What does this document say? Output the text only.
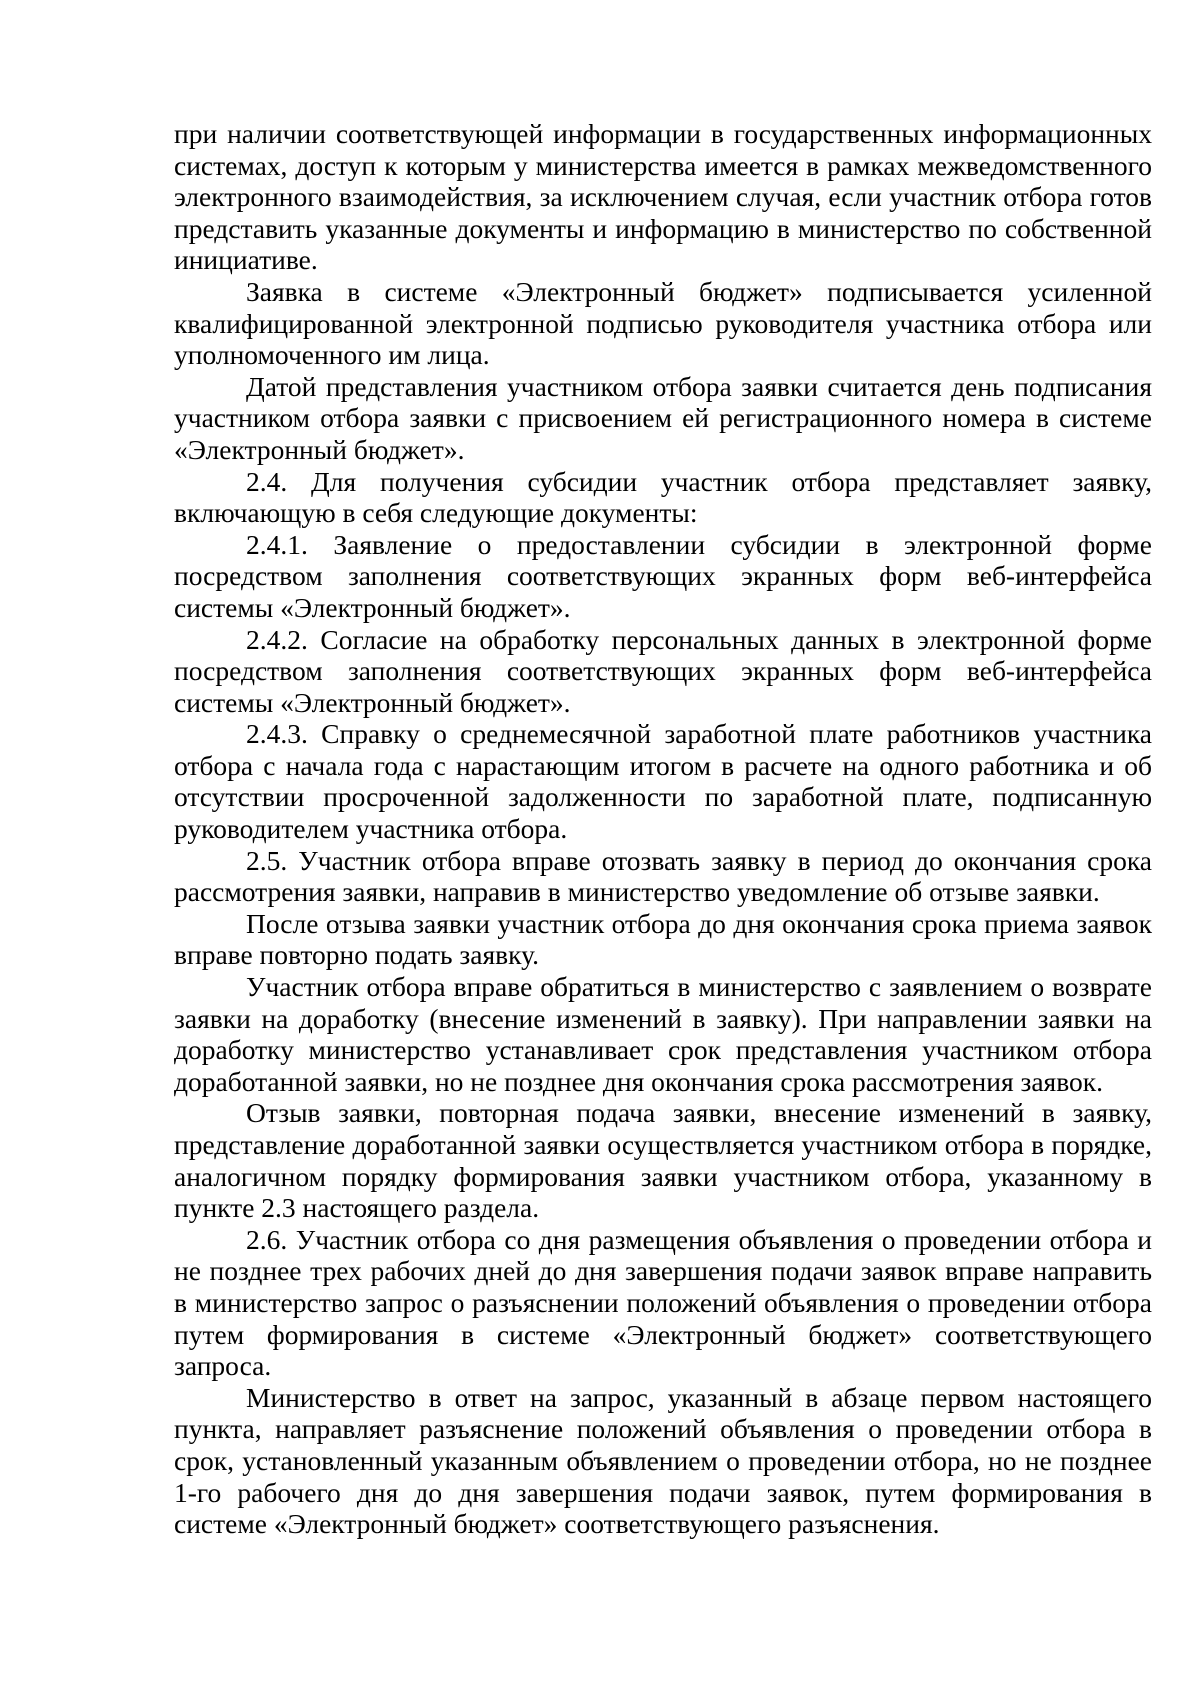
при наличии соответствующей информации в государственных информационных системах, доступ к которым у министерства имеется в рамках межведомственного электронного взаимодействия, за исключением случая, если участник отбора готов представить указанные документы и информацию в министерство по собственной инициативе.

Заявка в системе «Электронный бюджет» подписывается усиленной квалифицированной электронной подписью руководителя участника отбора или уполномоченного им лица.

Датой представления участником отбора заявки считается день подписания участником отбора заявки с присвоением ей регистрационного номера в системе «Электронный бюджет».

2.4. Для получения субсидии участник отбора представляет заявку, включающую в себя следующие документы:

2.4.1. Заявление о предоставлении субсидии в электронной форме посредством заполнения соответствующих экранных форм веб-интерфейса системы «Электронный бюджет».

2.4.2. Согласие на обработку персональных данных в электронной форме посредством заполнения соответствующих экранных форм веб-интерфейса системы «Электронный бюджет».

2.4.3. Справку о среднемесячной заработной плате работников участника отбора с начала года с нарастающим итогом в расчете на одного работника и об отсутствии просроченной задолженности по заработной плате, подписанную руководителем участника отбора.

2.5. Участник отбора вправе отозвать заявку в период до окончания срока рассмотрения заявки, направив в министерство уведомление об отзыве заявки.

После отзыва заявки участник отбора до дня окончания срока приема заявок вправе повторно подать заявку.

Участник отбора вправе обратиться в министерство с заявлением о возврате заявки на доработку (внесение изменений в заявку). При направлении заявки на доработку министерство устанавливает срок представления участником отбора доработанной заявки, но не позднее дня окончания срока рассмотрения заявок.

Отзыв заявки, повторная подача заявки, внесение изменений в заявку, представление доработанной заявки осуществляется участником отбора в порядке, аналогичном порядку формирования заявки участником отбора, указанному в пункте 2.3 настоящего раздела.

2.6. Участник отбора со дня размещения объявления о проведении отбора и не позднее трех рабочих дней до дня завершения подачи заявок вправе направить в министерство запрос о разъяснении положений объявления о проведении отбора путем формирования в системе «Электронный бюджет» соответствующего запроса.

Министерство в ответ на запрос, указанный в абзаце первом настоящего пункта, направляет разъяснение положений объявления о проведении отбора в срок, установленный указанным объявлением о проведении отбора, но не позднее 1-го рабочего дня до дня завершения подачи заявок, путем формирования в системе «Электронный бюджет» соответствующего разъяснения.
